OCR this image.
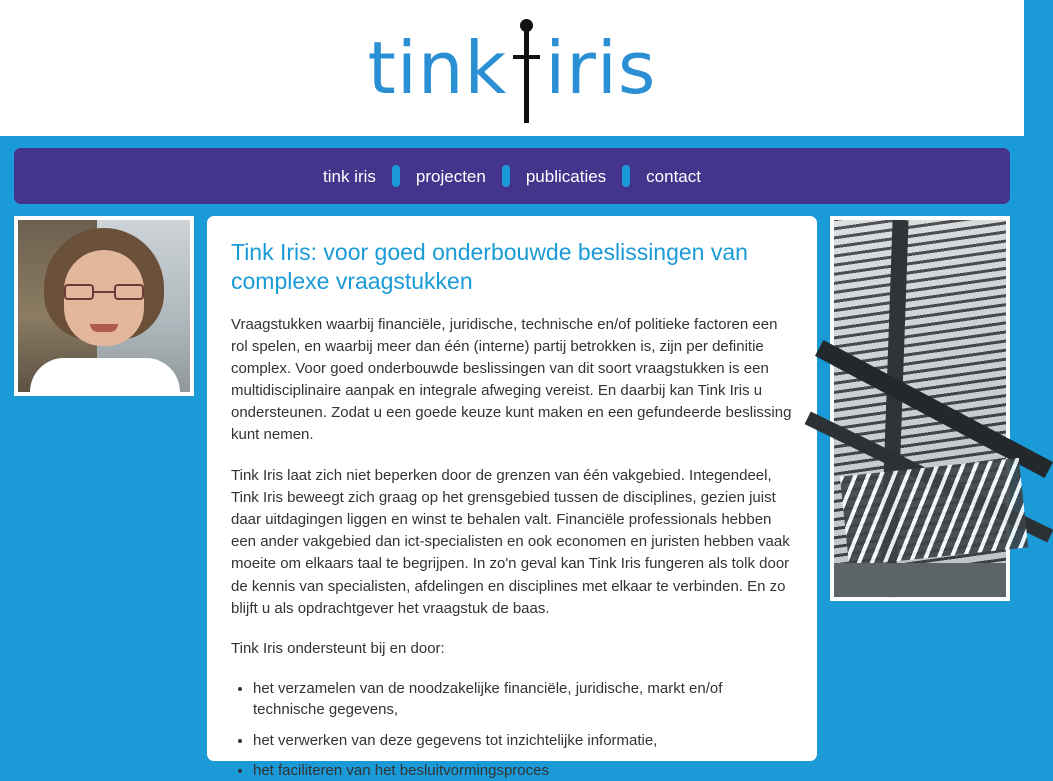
tink iris
tink iris	projecten	publicaties	contact
Tink Iris: voor goed onderbouwde beslissingen van complexe vraagstukken

Vraagstukken waarbij financiële, juridische, technische en/of politieke factoren een rol spelen, en waarbij meer dan één (interne) partij betrokken is, zijn per definitie complex. Voor goed onderbouwde beslissingen van dit soort vraagstukken is een multidisciplinaire aanpak en integrale afweging vereist. En daarbij kan Tink Iris u ondersteunen. Zodat u een goede keuze kunt maken en een gefundeerde beslissing kunt nemen.

Tink Iris laat zich niet beperken door de grenzen van één vakgebied. Integendeel, Tink Iris beweegt zich graag op het grensgebied tussen de disciplines, gezien juist daar uitdagingen liggen en winst te behalen valt. Financiële professionals hebben een ander vakgebied dan ict-specialisten en ook economen en juristen hebben vaak moeite om elkaars taal te begrijpen. In zo'n geval kan Tink Iris fungeren als tolk door de kennis van specialisten, afdelingen en disciplines met elkaar te verbinden. En zo blijft u als opdrachtgever het vraagstuk de baas.

Tink Iris ondersteunt bij en door:

• het verzamelen van de noodzakelijke financiële, juridische, markt en/of technische gegevens,
• het verwerken van deze gegevens tot inzichtelijke informatie,
• het faciliteren van het besluitvormingsproces
